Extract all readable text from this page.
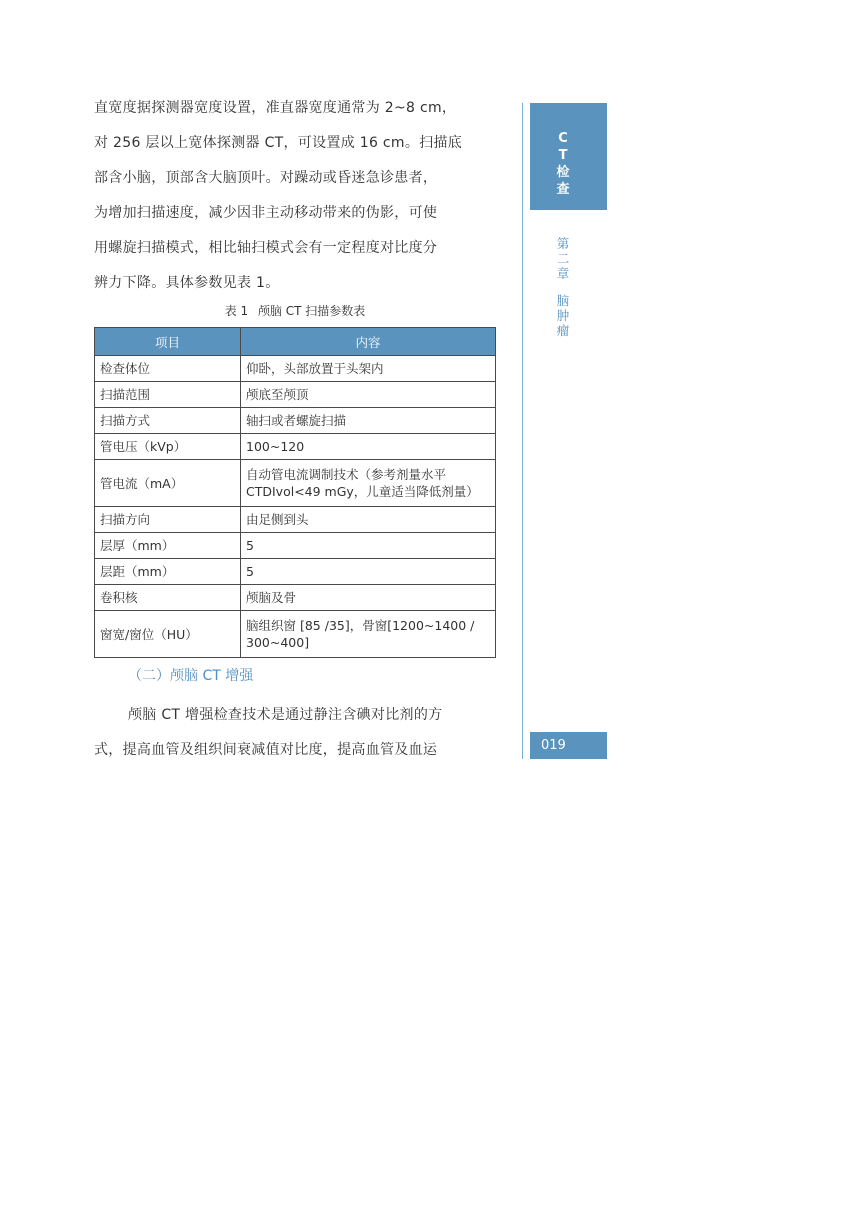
直宽度据探测器宽度设置，准直器宽度通常为 2~8 cm，

对 256 层以上宽体探测器 CT，可设置成 16 cm。扫描底

部含小脑，顶部含大脑顶叶。对躁动或昏迷急诊患者，

为增加扫描速度，减少因非主动移动带来的伪影，可使

用螺旋扫描模式，相比轴扫模式会有一定程度对比度分

辨力下降。具体参数见表 1。

表 1 颅脑 CT 扫描参数表
项目	内容
检查体位	仰卧，头部放置于头架内
扫描范围	颅底至颅顶
扫描方式	轴扫或者螺旋扫描
管电压（kVp）	100~120
管电流（mA）	自动管电流调制技术（参考剂量水平 CTDIvol<49 mGy，儿童适当降低剂量）
扫描方向	由足侧到头
层厚（mm）	5
层距（mm）	5
卷积核	颅脑及骨
窗宽/窗位（HU）	脑组织窗 [85 /35]，骨窗[1200~1400 / 300~400]
（二）颅脑 CT 增强

颅脑 CT 增强检查技术是通过静注含碘对比剂的方

式，提高血管及组织间衰减值对比度，提高血管及血运

CT检查
第二章
脑肿瘤
019
